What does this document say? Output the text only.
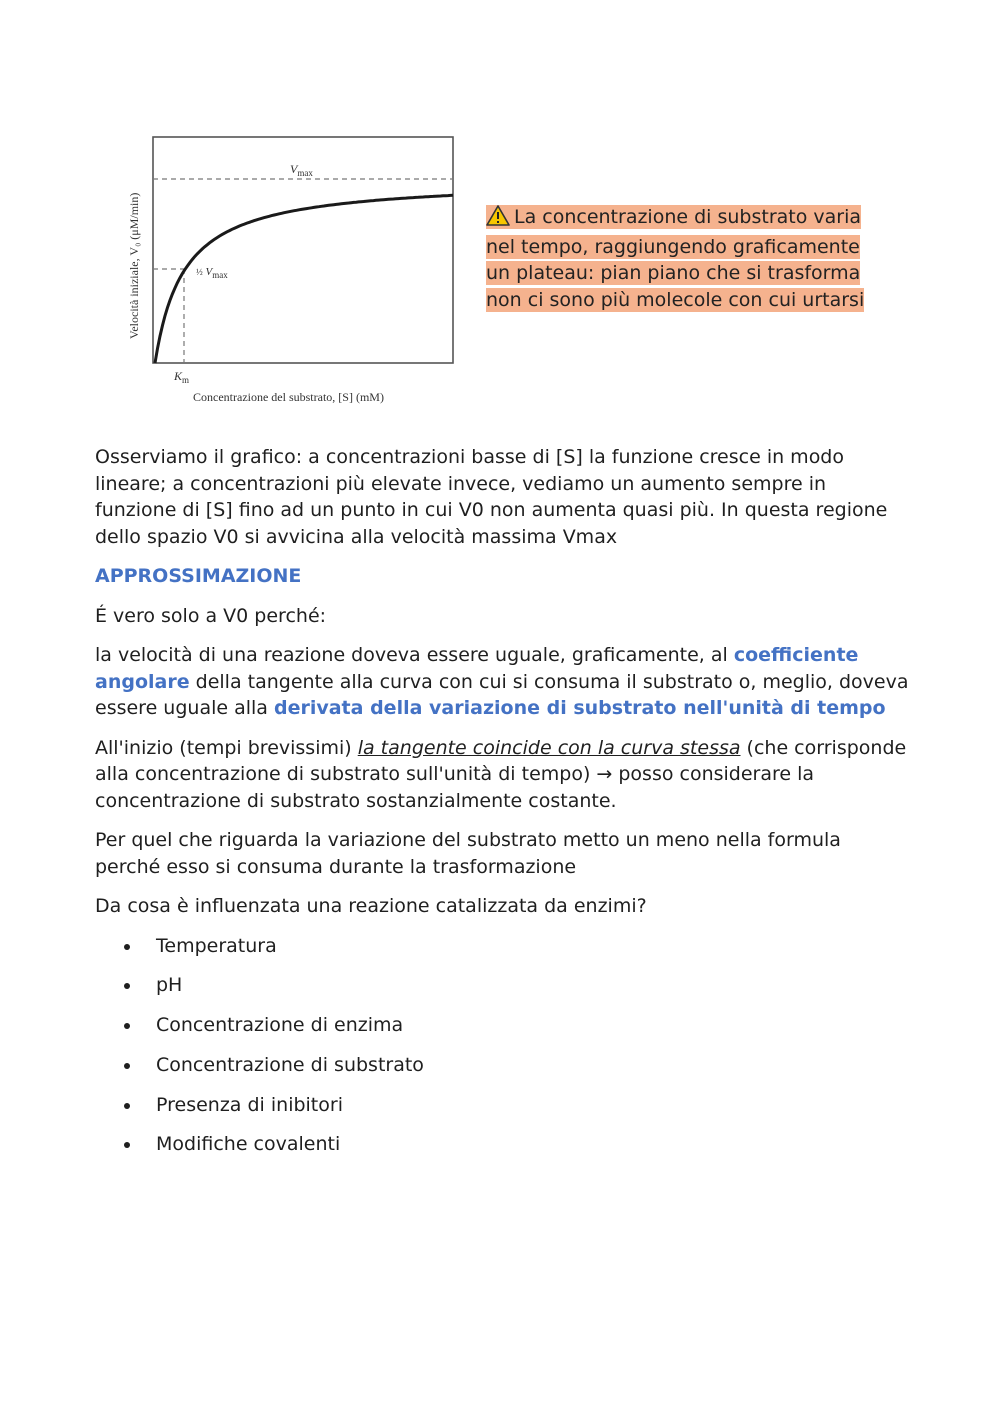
$V_{max}$
½ $V_{max}$
$K_m$
Concentrazione del substrato, [S] (mM)
Velocità iniziale, V₀ (μM/min)	La concentrazione di substrato varia nel tempo, raggiungendo graficamente un plateau: pian piano che si trasforma non ci sono più molecole con cui urtarsi

Osserviamo il grafico: a concentrazioni basse di [S] la funzione cresce in modo lineare; a concentrazioni più elevate invece, vediamo un aumento sempre in funzione di [S] fino ad un punto in cui V0 non aumenta quasi più. In questa regione dello spazio V0 si avvicina alla velocità massima Vmax

APPROSSIMAZIONE

É vero solo a V0 perché:

la velocità di una reazione doveva essere uguale, graficamente, al coefficiente angolare della tangente alla curva con cui si consuma il substrato o, meglio, doveva essere uguale alla derivata della variazione di substrato nell'unità di tempo

All'inizio (tempi brevissimi) la tangente coincide con la curva stessa (che corrisponde alla concentrazione di substrato sull'unità di tempo) → posso considerare la concentrazione di substrato sostanzialmente costante.

Per quel che riguarda la variazione del substrato metto un meno nella formula perché esso si consuma durante la trasformazione

Da cosa è influenzata una reazione catalizzata da enzimi?

Temperatura
pH
Concentrazione di enzima
Concentrazione di substrato
Presenza di inibitori
Modifiche covalenti
